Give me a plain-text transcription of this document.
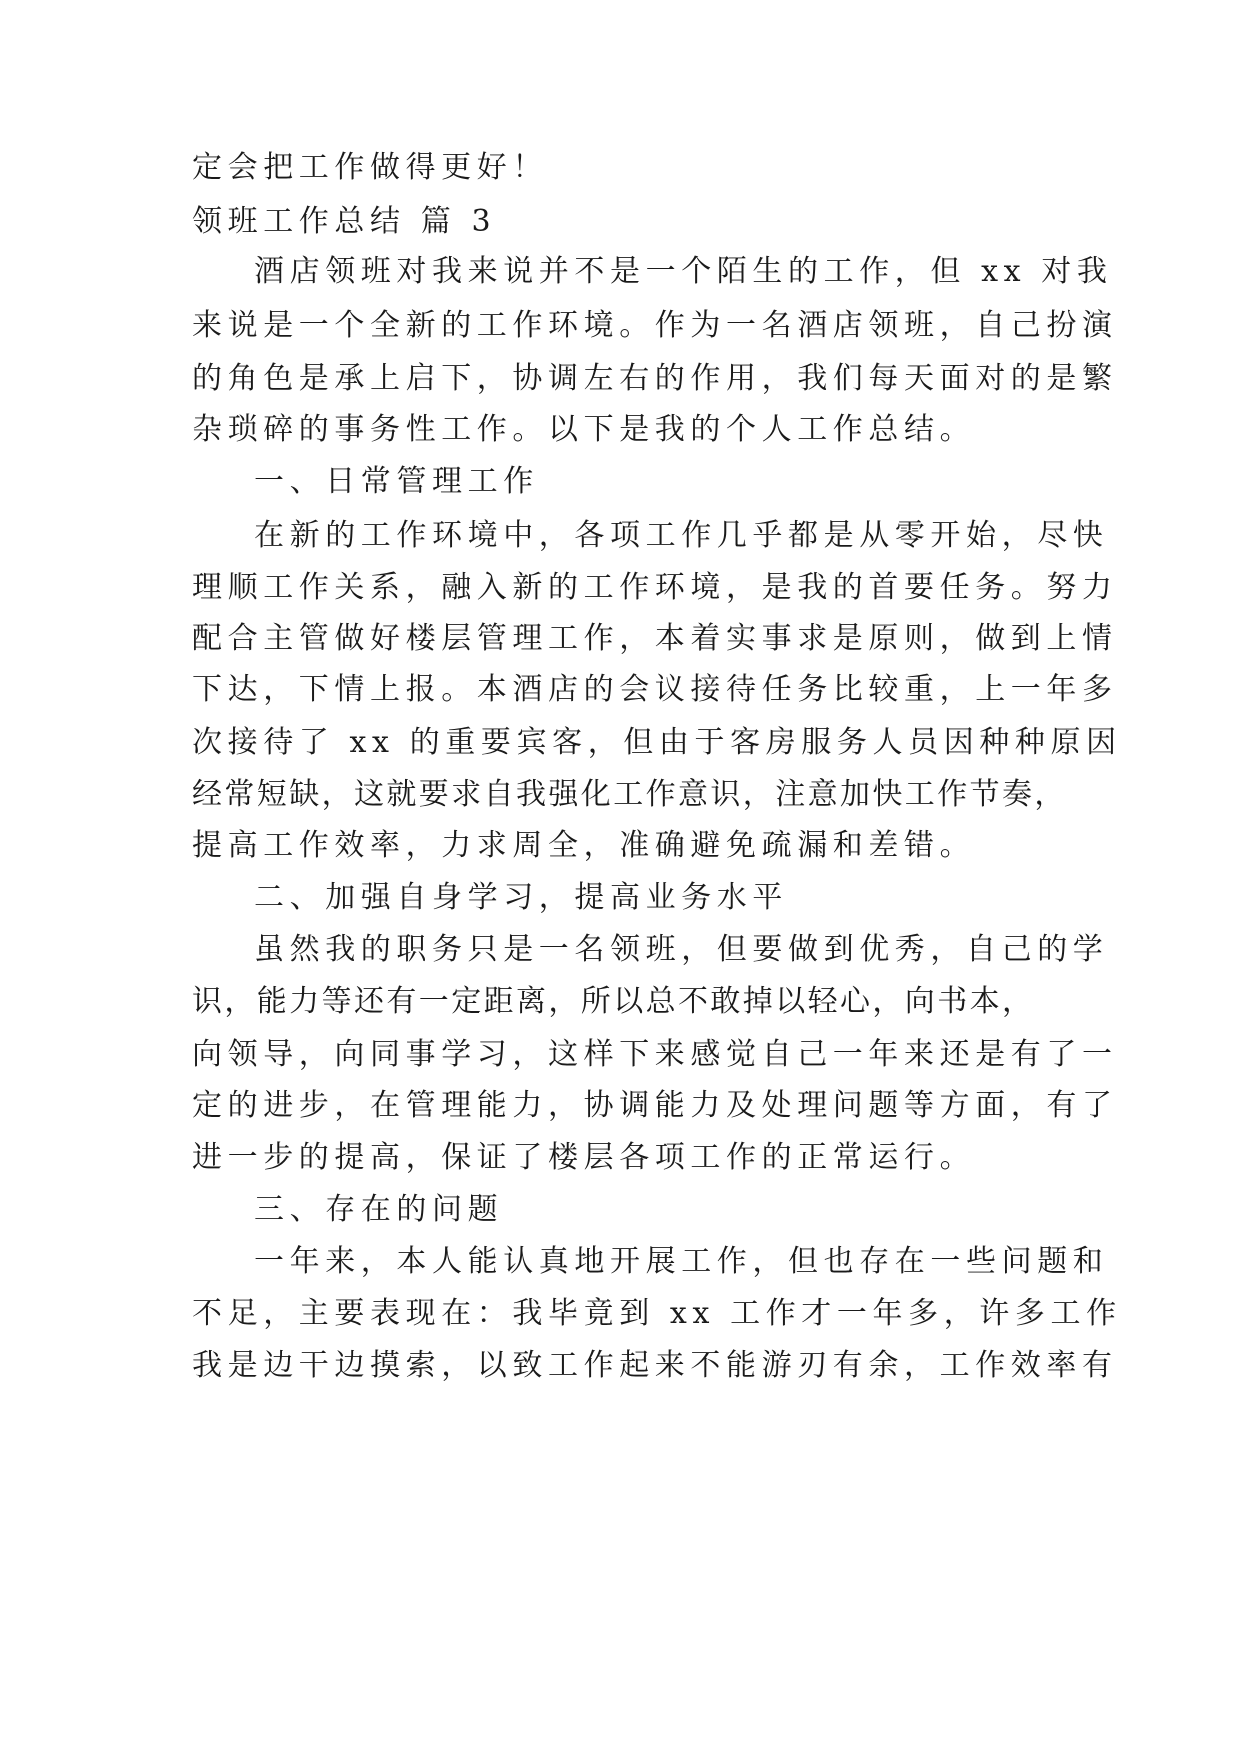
定会把工作做得更好！
领班工作总结 篇 3
酒店领班对我来说并不是一个陌生的工作，但 xx 对我
来说是一个全新的工作环境。作为一名酒店领班，自己扮演
的角色是承上启下，协调左右的作用，我们每天面对的是繁
杂琐碎的事务性工作。以下是我的个人工作总结。
一、日常管理工作
在新的工作环境中，各项工作几乎都是从零开始，尽快
理顺工作关系，融入新的工作环境，是我的首要任务。努力
配合主管做好楼层管理工作，本着实事求是原则，做到上情
下达，下情上报。本酒店的会议接待任务比较重，上一年多
次接待了 xx 的重要宾客，但由于客房服务人员因种种原因
经常短缺，这就要求自我强化工作意识，注意加快工作节奏，
提高工作效率，力求周全，准确避免疏漏和差错。
二、加强自身学习，提高业务水平
虽然我的职务只是一名领班，但要做到优秀，自己的学
识，能力等还有一定距离，所以总不敢掉以轻心，向书本，
向领导，向同事学习，这样下来感觉自己一年来还是有了一
定的进步，在管理能力，协调能力及处理问题等方面，有了
进一步的提高，保证了楼层各项工作的正常运行。
三、存在的问题
一年来，本人能认真地开展工作，但也存在一些问题和
不足，主要表现在：我毕竟到 xx 工作才一年多，许多工作
我是边干边摸索，以致工作起来不能游刃有余，工作效率有
